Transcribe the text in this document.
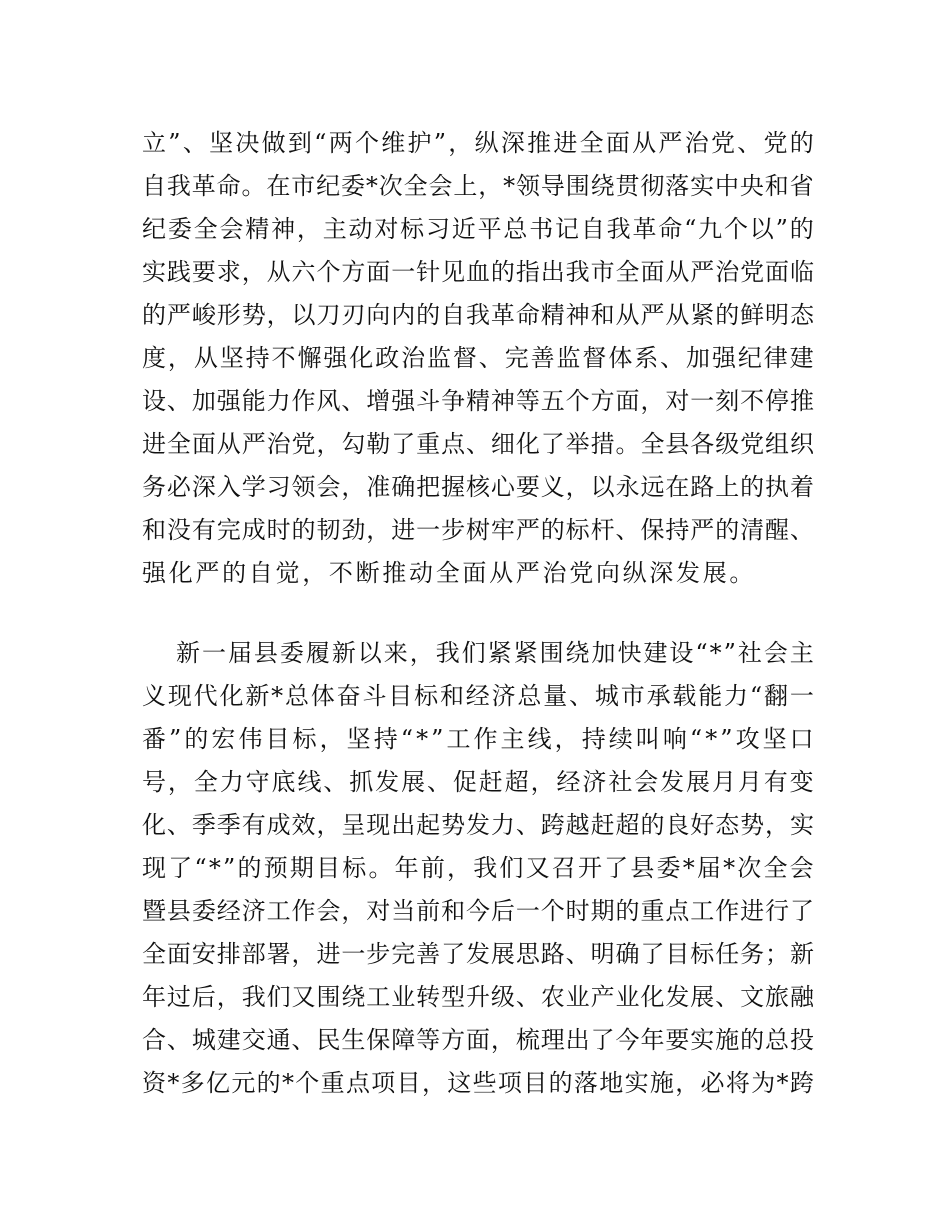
立 ” 、 坚 决 做 到 “ 两 个 维 护 ” ， 纵 深 推 进 全 面 从 严 治 党 、 党 的
自 我 革 命 。 在 市 纪 委 * 次 全 会 上 ， * 领 导 围 绕 贯 彻 落 实 中 央 和 省
纪 委 全 会 精 神 ， 主 动 对 标 习 近 平 总 书 记 自 我 革 命 “ 九 个 以 ” 的
实 践 要 求 ， 从 六 个 方 面 一 针 见 血 的 指 出 我 市 全 面 从 严 治 党 面 临
的 严 峻 形 势 ， 以 刀 刃 向 内 的 自 我 革 命 精 神 和 从 严 从 紧 的 鲜 明 态
度 ， 从 坚 持 不 懈 强 化 政 治 监 督 、 完 善 监 督 体 系 、 加 强 纪 律 建
设 、 加 强 能 力 作 风 、 增 强 斗 争 精 神 等 五 个 方 面 ， 对 一 刻 不 停 推
进 全 面 从 严 治 党 ， 勾 勒 了 重 点 、 细 化 了 举 措 。 全 县 各 级 党 组 织
务 必 深 入 学 习 领 会 ， 准 确 把 握 核 心 要 义 ， 以 永 远 在 路 上 的 执 着
和 没 有 完 成 时 的 韧 劲 ， 进 一 步 树 牢 严 的 标 杆 、 保 持 严 的 清 醒 、
强化严的自觉，不断推动全面从严治党向纵深发展。
新 一 届 县 委 履 新 以 来 ， 我 们 紧 紧 围 绕 加 快 建 设 “ * ” 社 会 主
义 现 代 化 新 * 总 体 奋 斗 目 标 和 经 济 总 量 、 城 市 承 载 能 力 “ 翻 一
番 ” 的 宏 伟 目 标 ， 坚 持 “ * ” 工 作 主 线 ， 持 续 叫 响 “ * ” 攻 坚 口
号 ， 全 力 守 底 线 、 抓 发 展 、 促 赶 超 ， 经 济 社 会 发 展 月 月 有 变
化 、 季 季 有 成 效 ， 呈 现 出 起 势 发 力 、 跨 越 赶 超 的 良 好 态 势 ， 实
现 了 “ * ” 的 预 期 目 标 。 年 前 ， 我 们 又 召 开 了 县 委 * 届 * 次 全 会
暨 县 委 经 济 工 作 会 ， 对 当 前 和 今 后 一 个 时 期 的 重 点 工 作 进 行 了
全 面 安 排 部 署 ， 进 一 步 完 善 了 发 展 思 路 、 明 确 了 目 标 任 务 ； 新
年 过 后 ， 我 们 又 围 绕 工 业 转 型 升 级 、 农 业 产 业 化 发 展 、 文 旅 融
合 、 城 建 交 通 、 民 生 保 障 等 方 面 ， 梳 理 出 了 今 年 要 实 施 的 总 投
资 * 多 亿 元 的 * 个 重 点 项 目 ， 这 些 项 目 的 落 地 实 施 ， 必 将 为 * 跨
